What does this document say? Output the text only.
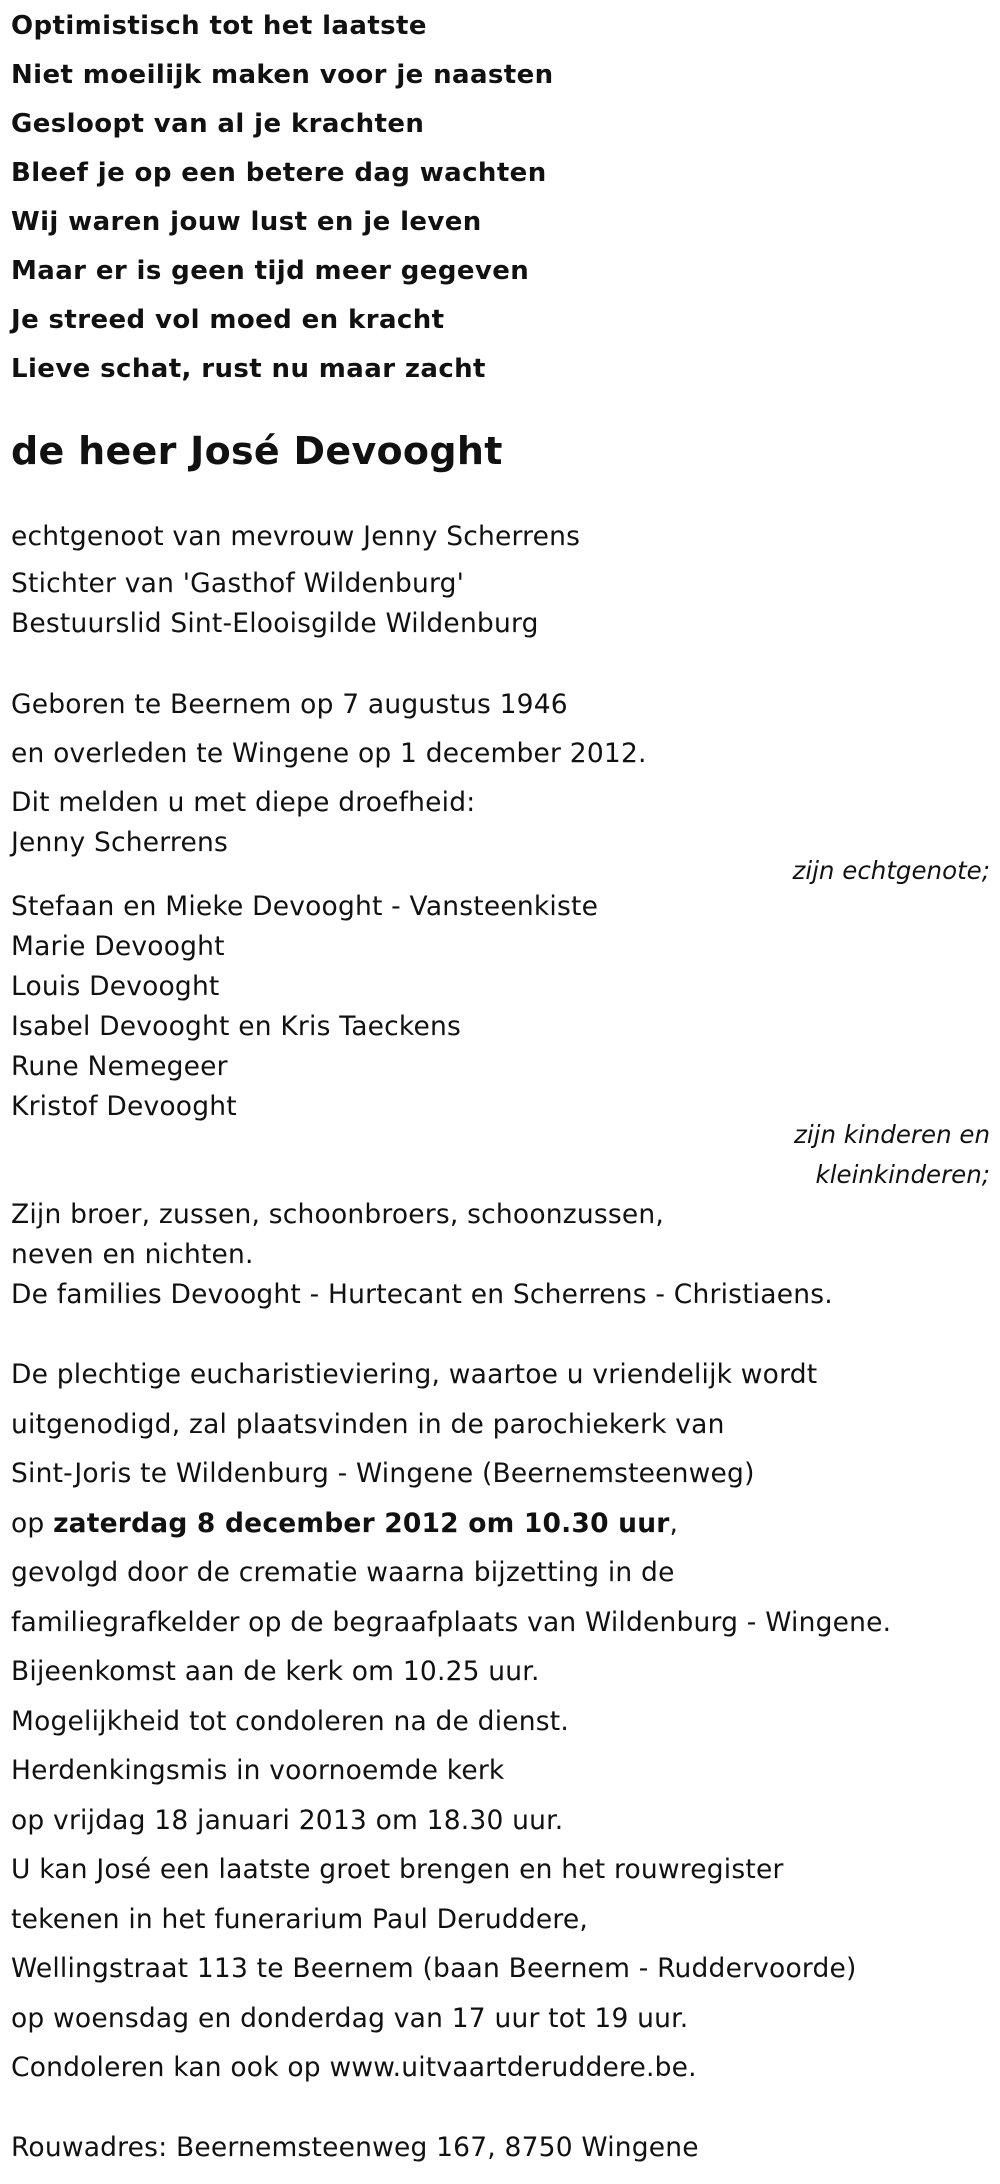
Optimistisch tot het laatste
Niet moeilijk maken voor je naasten
Gesloopt van al je krachten
Bleef je op een betere dag wachten
Wij waren jouw lust en je leven
Maar er is geen tijd meer gegeven
Je streed vol moed en kracht
Lieve schat, rust nu maar zacht
de heer José Devooght
echtgenoot van mevrouw Jenny Scherrens
Stichter van 'Gasthof Wildenburg'
Bestuurslid Sint-Elooisgilde Wildenburg
Geboren te Beernem op 7 augustus 1946
en overleden te Wingene op 1 december 2012.
Dit melden u met diepe droefheid:
Jenny Scherrens
zijn echtgenote;
Stefaan en Mieke Devooght - Vansteenkiste
Marie Devooght
Louis Devooght
Isabel Devooght en Kris Taeckens
Rune Nemegeer
Kristof Devooght
zijn kinderen en
kleinkinderen;
Zijn broer, zussen, schoonbroers, schoonzussen,
neven en nichten.
De families Devooght - Hurtecant en Scherrens - Christiaens.
De plechtige eucharistieviering, waartoe u vriendelijk wordt
uitgenodigd, zal plaatsvinden in de parochiekerk van
Sint-Joris te Wildenburg - Wingene (Beernemsteenweg)
op zaterdag 8 december 2012 om 10.30 uur,
gevolgd door de crematie waarna bijzetting in de
familiegrafkelder op de begraafplaats van Wildenburg - Wingene.
Bijeenkomst aan de kerk om 10.25 uur.
Mogelijkheid tot condoleren na de dienst.
Herdenkingsmis in voornoemde kerk
op vrijdag 18 januari 2013 om 18.30 uur.
U kan José een laatste groet brengen en het rouwregister
tekenen in het funerarium Paul Deruddere,
Wellingstraat 113 te Beernem (baan Beernem - Ruddervoorde)
op woensdag en donderdag van 17 uur tot 19 uur.
Condoleren kan ook op www.uitvaartderuddere.be.
Rouwadres: Beernemsteenweg 167, 8750 Wingene
